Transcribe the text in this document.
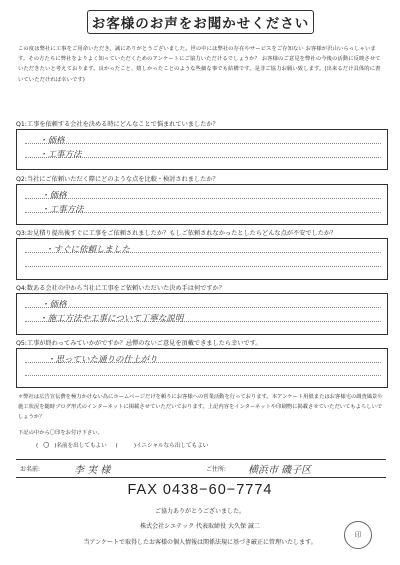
お客様のお声をお聞かせください
この度は弊社に工事をご用命いただき、誠にありがとうございました。世の中には弊社の存在やサービスをご存知ない お客様が沢山いらっしゃいます。その方たちに弊社をよりよく知っていただくためのアンケートにご協力いただけるでしょうか？ お客様のご意見を弊社の今後の活動に反映させていただきたいと考えております。良かったこと、嬉しかったことのような些細な事でも結構です。是非ご協力お願い致します。(出来るだけ具体的に書いていただければ幸いです)
Q1:工事を依頼する会社を決める時にどんなことで悩まれていましたか？
・価格
・工事方法
Q2:当社にご依頼いただく際にどのような点を比較・検討されましたか？
・価格
・工事方法
Q3:お見積り提出後すぐに工事をご依頼されましたか？もしご依頼されなかったとしたらどんな点が不安でしたか？
・すぐに依頼しました
Q4:数ある会社の中から当社に工事をご依頼いただいた決め手は何ですか？
・価格
・施工方法や工事について丁寧な説明
Q5:工事が終わってみていかがですか？忌憚のないご意見を頂戴できましたら幸いです。
・思っていた通りの仕上がり
＊弊社は広告宣伝費を極力かけない為にホームページだけを頼りにお客様への営業活動を行っております。本アンケート用紙またはお客様宅の調査風景や施工状況を随時ブログ形式のインターネットに掲載させていただいております。上記内容をインターネットや印刷物に掲載させていただいてもよろしいでしょうか？
下記の中から〇印をお付け下さい。
( 〇 )名前を出してもよい     (	)イニシャルなら出してもよい
お名前:	李 実 様	ご住所: 横浜市 磯子区
FAX 0438−60−7774
ご協力ありがとうございました。
株式会社シエテック 代表取締役 大久保 誠二
当アンケートで取得したお客様の個人情報は関係法規に基づき厳正に管理いたします。
印
